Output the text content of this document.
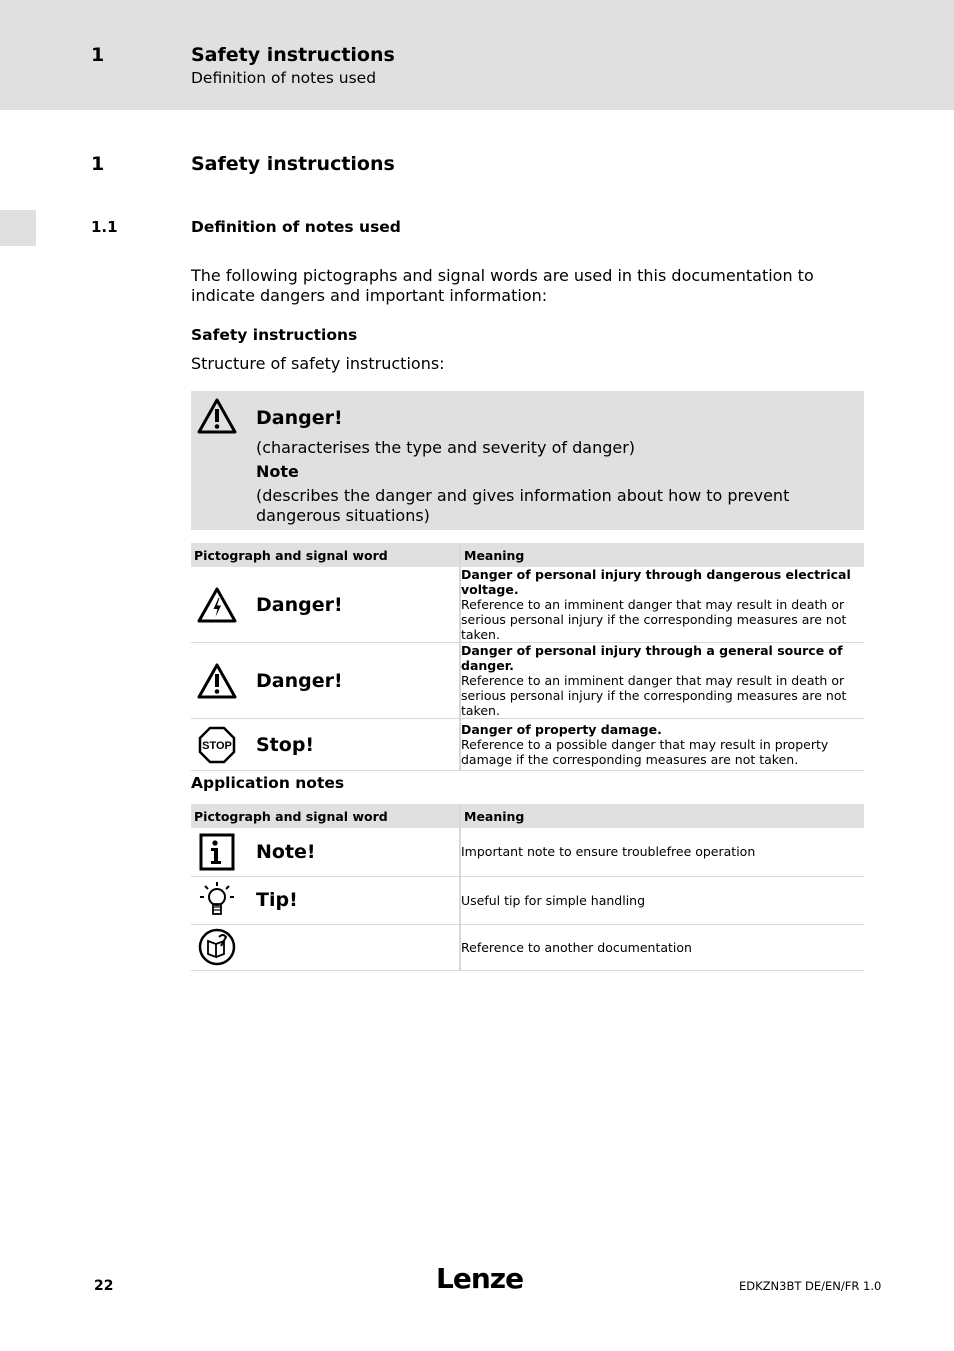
1	Safety instructions
Definition of notes used
1	Safety instructions
1.1	Definition of notes used
The following pictographs and signal words are used in this documentation to indicate dangers and important information:
Safety instructions
Structure of safety instructions:
Danger!
(characterises the type and severity of danger)
Note
(describes the danger and gives information about how to prevent dangerous situations)
Pictograph and signal word	Meaning

Danger!	Danger of personal injury through dangerous electrical voltage.
Reference to an imminent danger that may result in death or serious personal injury if the corresponding measures are not taken.

Danger!	Danger of personal injury through a general source of danger.
Reference to an imminent danger that may result in death or serious personal injury if the corresponding measures are not taken.

STOP Stop!	Danger of property damage.
Reference to a possible danger that may result in property damage if the corresponding measures are not taken.
Application notes
Pictograph and signal word	Meaning

Note!	Important note to ensure troublefree operation

Tip!	Useful tip for simple handling

	Reference to another documentation
22	Lenze	EDKZN3BT DE/EN/FR 1.0
